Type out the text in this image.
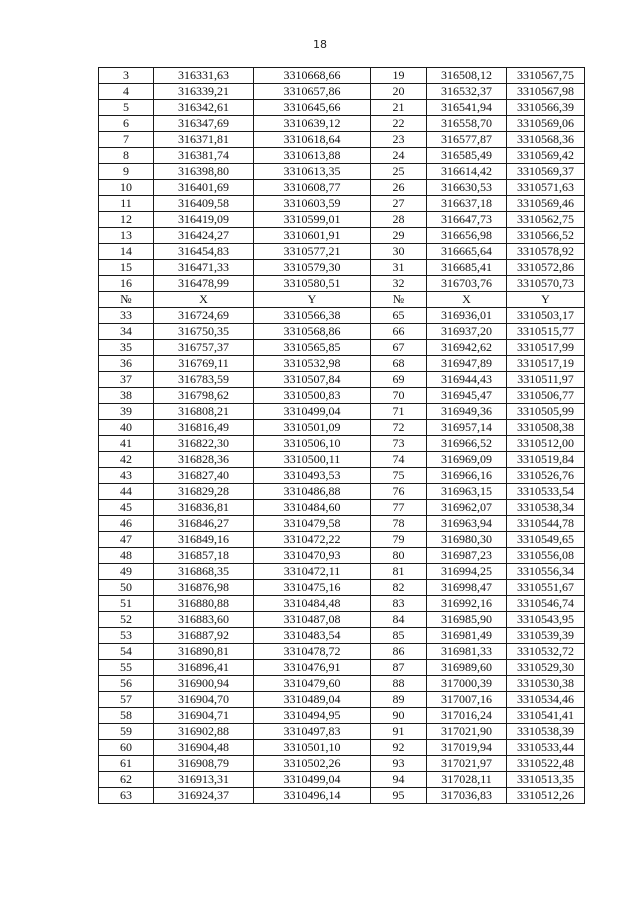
18
3	316331,63	3310668,66	19	316508,12	3310567,75
4	316339,21	3310657,86	20	316532,37	3310567,98
5	316342,61	3310645,66	21	316541,94	3310566,39
6	316347,69	3310639,12	22	316558,70	3310569,06
7	316371,81	3310618,64	23	316577,87	3310568,36
8	316381,74	3310613,88	24	316585,49	3310569,42
9	316398,80	3310613,35	25	316614,42	3310569,37
10	316401,69	3310608,77	26	316630,53	3310571,63
11	316409,58	3310603,59	27	316637,18	3310569,46
12	316419,09	3310599,01	28	316647,73	3310562,75
13	316424,27	3310601,91	29	316656,98	3310566,52
14	316454,83	3310577,21	30	316665,64	3310578,92
15	316471,33	3310579,30	31	316685,41	3310572,86
16	316478,99	3310580,51	32	316703,76	3310570,73
№	X	Y	№	X	Y
33	316724,69	3310566,38	65	316936,01	3310503,17
34	316750,35	3310568,86	66	316937,20	3310515,77
35	316757,37	3310565,85	67	316942,62	3310517,99
36	316769,11	3310532,98	68	316947,89	3310517,19
37	316783,59	3310507,84	69	316944,43	3310511,97
38	316798,62	3310500,83	70	316945,47	3310506,77
39	316808,21	3310499,04	71	316949,36	3310505,99
40	316816,49	3310501,09	72	316957,14	3310508,38
41	316822,30	3310506,10	73	316966,52	3310512,00
42	316828,36	3310500,11	74	316969,09	3310519,84
43	316827,40	3310493,53	75	316966,16	3310526,76
44	316829,28	3310486,88	76	316963,15	3310533,54
45	316836,81	3310484,60	77	316962,07	3310538,34
46	316846,27	3310479,58	78	316963,94	3310544,78
47	316849,16	3310472,22	79	316980,30	3310549,65
48	316857,18	3310470,93	80	316987,23	3310556,08
49	316868,35	3310472,11	81	316994,25	3310556,34
50	316876,98	3310475,16	82	316998,47	3310551,67
51	316880,88	3310484,48	83	316992,16	3310546,74
52	316883,60	3310487,08	84	316985,90	3310543,95
53	316887,92	3310483,54	85	316981,49	3310539,39
54	316890,81	3310478,72	86	316981,33	3310532,72
55	316896,41	3310476,91	87	316989,60	3310529,30
56	316900,94	3310479,60	88	317000,39	3310530,38
57	316904,70	3310489,04	89	317007,16	3310534,46
58	316904,71	3310494,95	90	317016,24	3310541,41
59	316902,88	3310497,83	91	317021,90	3310538,39
60	316904,48	3310501,10	92	317019,94	3310533,44
61	316908,79	3310502,26	93	317021,97	3310522,48
62	316913,31	3310499,04	94	317028,11	3310513,35
63	316924,37	3310496,14	95	317036,83	3310512,26
